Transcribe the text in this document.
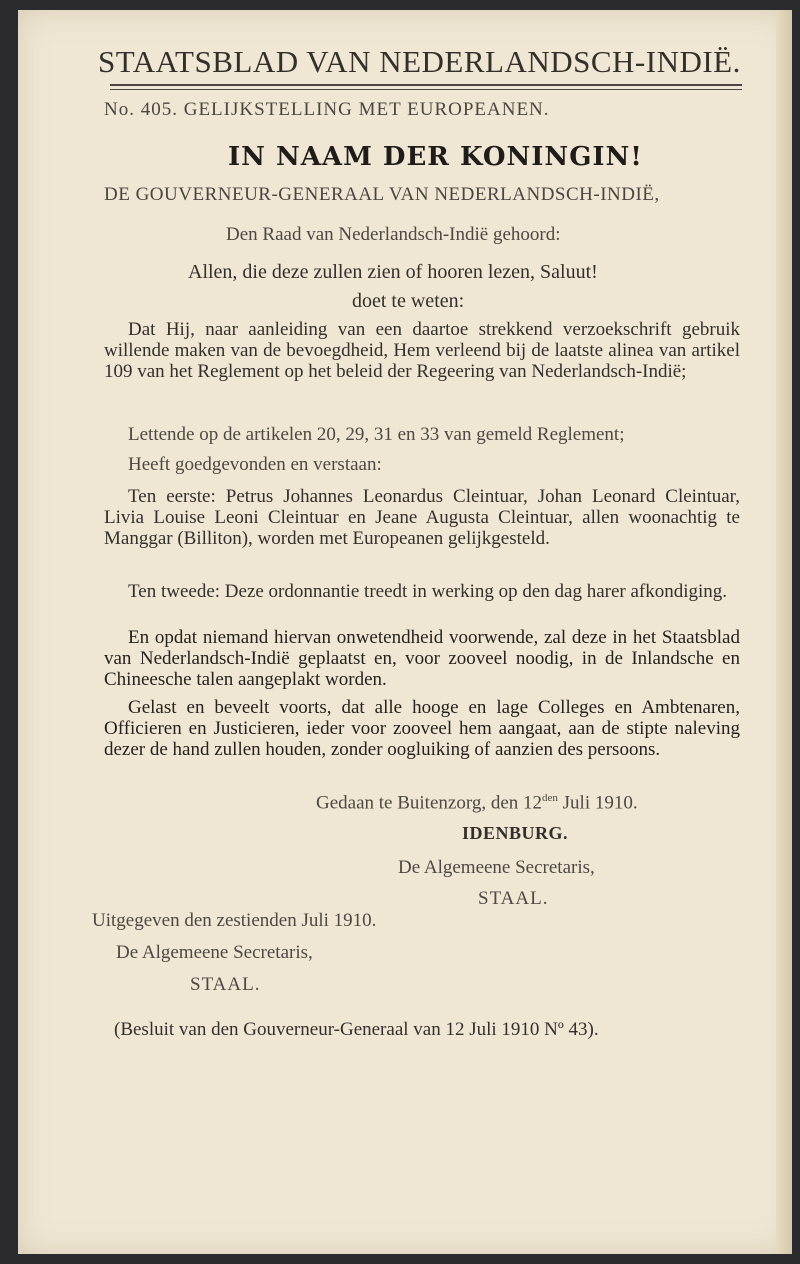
STAATSBLAD VAN NEDERLANDSCH-INDIË.
No. 405. GELIJKSTELLING MET EUROPEANEN.
IN NAAM DER KONINGIN!
DE GOUVERNEUR-GENERAAL VAN NEDERLANDSCH-INDIË,
Den Raad van Nederlandsch-Indië gehoord:
Allen, die deze zullen zien of hooren lezen, Saluut!
doet te weten:
Dat Hij, naar aanleiding van een daartoe strekkend verzoekschrift gebruik willende maken van de bevoegdheid, Hem verleend bij de laatste alinea van artikel 109 van het Reglement op het beleid der Regeering van Nederlandsch-Indië;
Lettende op de artikelen 20, 29, 31 en 33 van gemeld Reglement;
Heeft goedgevonden en verstaan:
Ten eerste: Petrus Johannes Leonardus Cleintuar, Johan Leonard Cleintuar, Livia Louise Leoni Cleintuar en Jeane Augusta Cleintuar, allen woonachtig te Manggar (Billiton), worden met Europeanen gelijkgesteld.
Ten tweede: Deze ordonnantie treedt in werking op den dag harer afkondiging.
En opdat niemand hiervan onwetendheid voorwende, zal deze in het Staatsblad van Nederlandsch-Indië geplaatst en, voor zooveel noodig, in de Inlandsche en Chineesche talen aangeplakt worden.
Gelast en beveelt voorts, dat alle hooge en lage Colleges en Ambtenaren, Officieren en Justicieren, ieder voor zooveel hem aangaat, aan de stipte naleving dezer de hand zullen houden, zonder oogluiking of aanzien des persoons.
Gedaan te Buitenzorg, den $12^{den}$ Juli 1910.
IDENBURG.
De Algemeene Secretaris,
STAAL.
Uitgegeven den zestienden Juli 1910.
De Algemeene Secretaris,
STAAL.
(Besluit van den Gouverneur-Generaal van 12 Juli 1910 Nº 43).
